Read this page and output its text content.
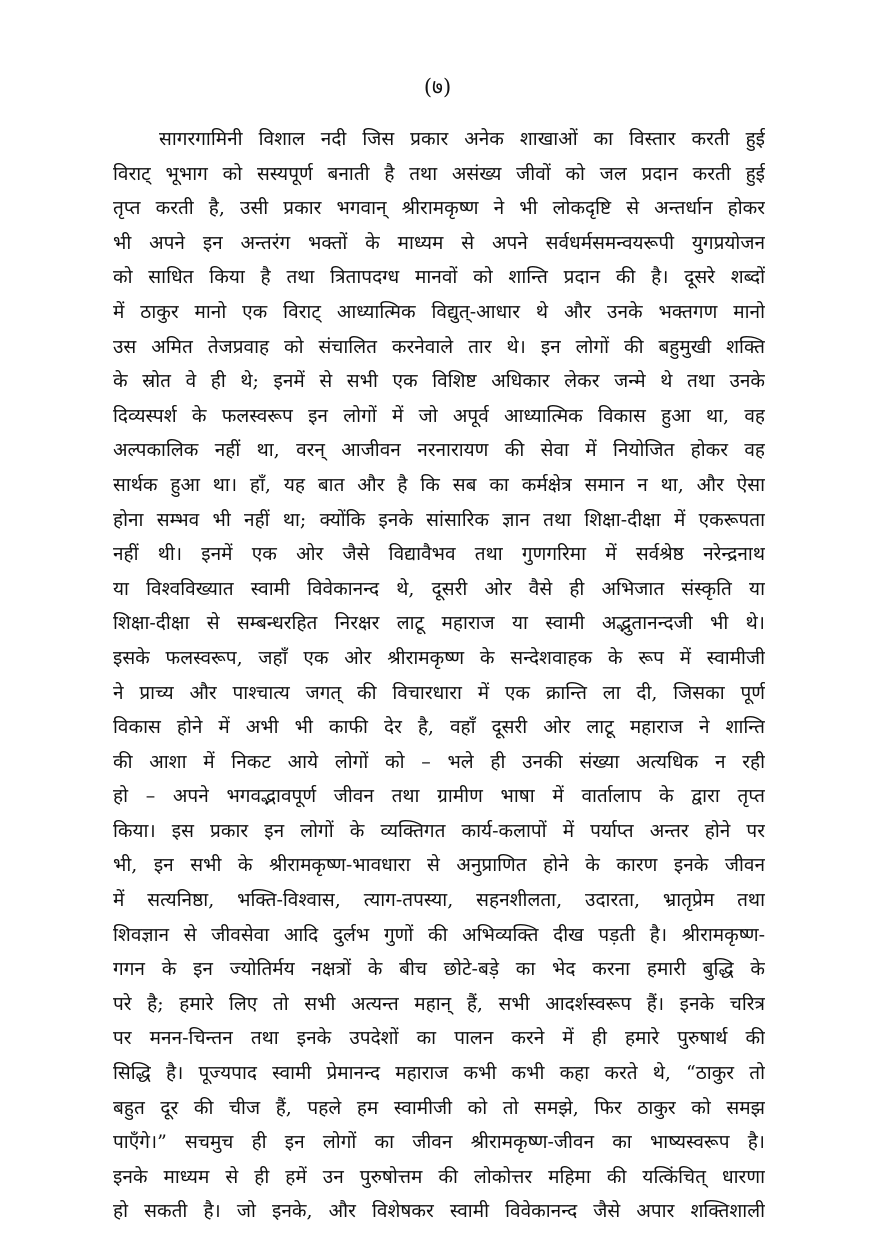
(७)
सागरगामिनी विशाल नदी जिस प्रकार अनेक शाखाओं का विस्तार करती हुई
विराट् भूभाग को सस्यपूर्ण बनाती है तथा असंख्य जीवों को जल प्रदान करती हुई
तृप्त करती है, उसी प्रकार भगवान् श्रीरामकृष्ण ने भी लोकदृष्टि से अन्तर्धान होकर
भी अपने इन अन्तरंग भक्तों के माध्यम से अपने सर्वधर्मसमन्वयरूपी युगप्रयोजन
को साधित किया है तथा त्रितापदग्ध मानवों को शान्ति प्रदान की है। दूसरे शब्दों
में ठाकुर मानो एक विराट् आध्यात्मिक विद्युत्-आधार थे और उनके भक्तगण मानो
उस अमित तेजप्रवाह को संचालित करनेवाले तार थे। इन लोगों की बहुमुखी शक्ति
के स्रोत वे ही थे; इनमें से सभी एक विशिष्ट अधिकार लेकर जन्मे थे तथा उनके
दिव्यस्पर्श के फलस्वरूप इन लोगों में जो अपूर्व आध्यात्मिक विकास हुआ था, वह
अल्पकालिक नहीं था, वरन् आजीवन नरनारायण की सेवा में नियोजित होकर वह
सार्थक हुआ था। हाँ, यह बात और है कि सब का कर्मक्षेत्र समान न था, और ऐसा
होना सम्भव भी नहीं था; क्योंकि इनके सांसारिक ज्ञान तथा शिक्षा-दीक्षा में एकरूपता
नहीं थी। इनमें एक ओर जैसे विद्यावैभव तथा गुणगरिमा में सर्वश्रेष्ठ नरेन्द्रनाथ
या विश्वविख्यात स्वामी विवेकानन्द थे, दूसरी ओर वैसे ही अभिजात संस्कृति या
शिक्षा-दीक्षा से सम्बन्धरहित निरक्षर लाटू महाराज या स्वामी अद्भुतानन्दजी भी थे।
इसके फलस्वरूप, जहाँ एक ओर श्रीरामकृष्ण के सन्देशवाहक के रूप में स्वामीजी
ने प्राच्य और पाश्चात्य जगत् की विचारधारा में एक क्रान्ति ला दी, जिसका पूर्ण
विकास होने में अभी भी काफी देर है, वहाँ दूसरी ओर लाटू महाराज ने शान्ति
की आशा में निकट आये लोगों को – भले ही उनकी संख्या अत्यधिक न रही
हो – अपने भगवद्भावपूर्ण जीवन तथा ग्रामीण भाषा में वार्तालाप के द्वारा तृप्त
किया। इस प्रकार इन लोगों के व्यक्तिगत कार्य-कलापों में पर्याप्त अन्तर होने पर
भी, इन सभी के श्रीरामकृष्ण-भावधारा से अनुप्राणित होने के कारण इनके जीवन
में सत्यनिष्ठा, भक्ति-विश्वास, त्याग-तपस्या, सहनशीलता, उदारता, भ्रातृप्रेम तथा
शिवज्ञान से जीवसेवा आदि दुर्लभ गुणों की अभिव्यक्ति दीख पड़ती है। श्रीरामकृष्ण-
गगन के इन ज्योतिर्मय नक्षत्रों के बीच छोटे-बड़े का भेद करना हमारी बुद्धि के
परे है; हमारे लिए तो सभी अत्यन्त महान् हैं, सभी आदर्शस्वरूप हैं। इनके चरित्र
पर मनन-चिन्तन तथा इनके उपदेशों का पालन करने में ही हमारे पुरुषार्थ की
सिद्धि है। पूज्यपाद स्वामी प्रेमानन्द महाराज कभी कभी कहा करते थे, “ठाकुर तो
बहुत दूर की चीज हैं, पहले हम स्वामीजी को तो समझे, फिर ठाकुर को समझ
पाएँगे।” सचमुच ही इन लोगों का जीवन श्रीरामकृष्ण-जीवन का भाष्यस्वरूप है।
इनके माध्यम से ही हमें उन पुरुषोत्तम की लोकोत्तर महिमा की यत्किंचित् धारणा
हो सकती है। जो इनके, और विशेषकर स्वामी विवेकानन्द जैसे अपार शक्तिशाली
